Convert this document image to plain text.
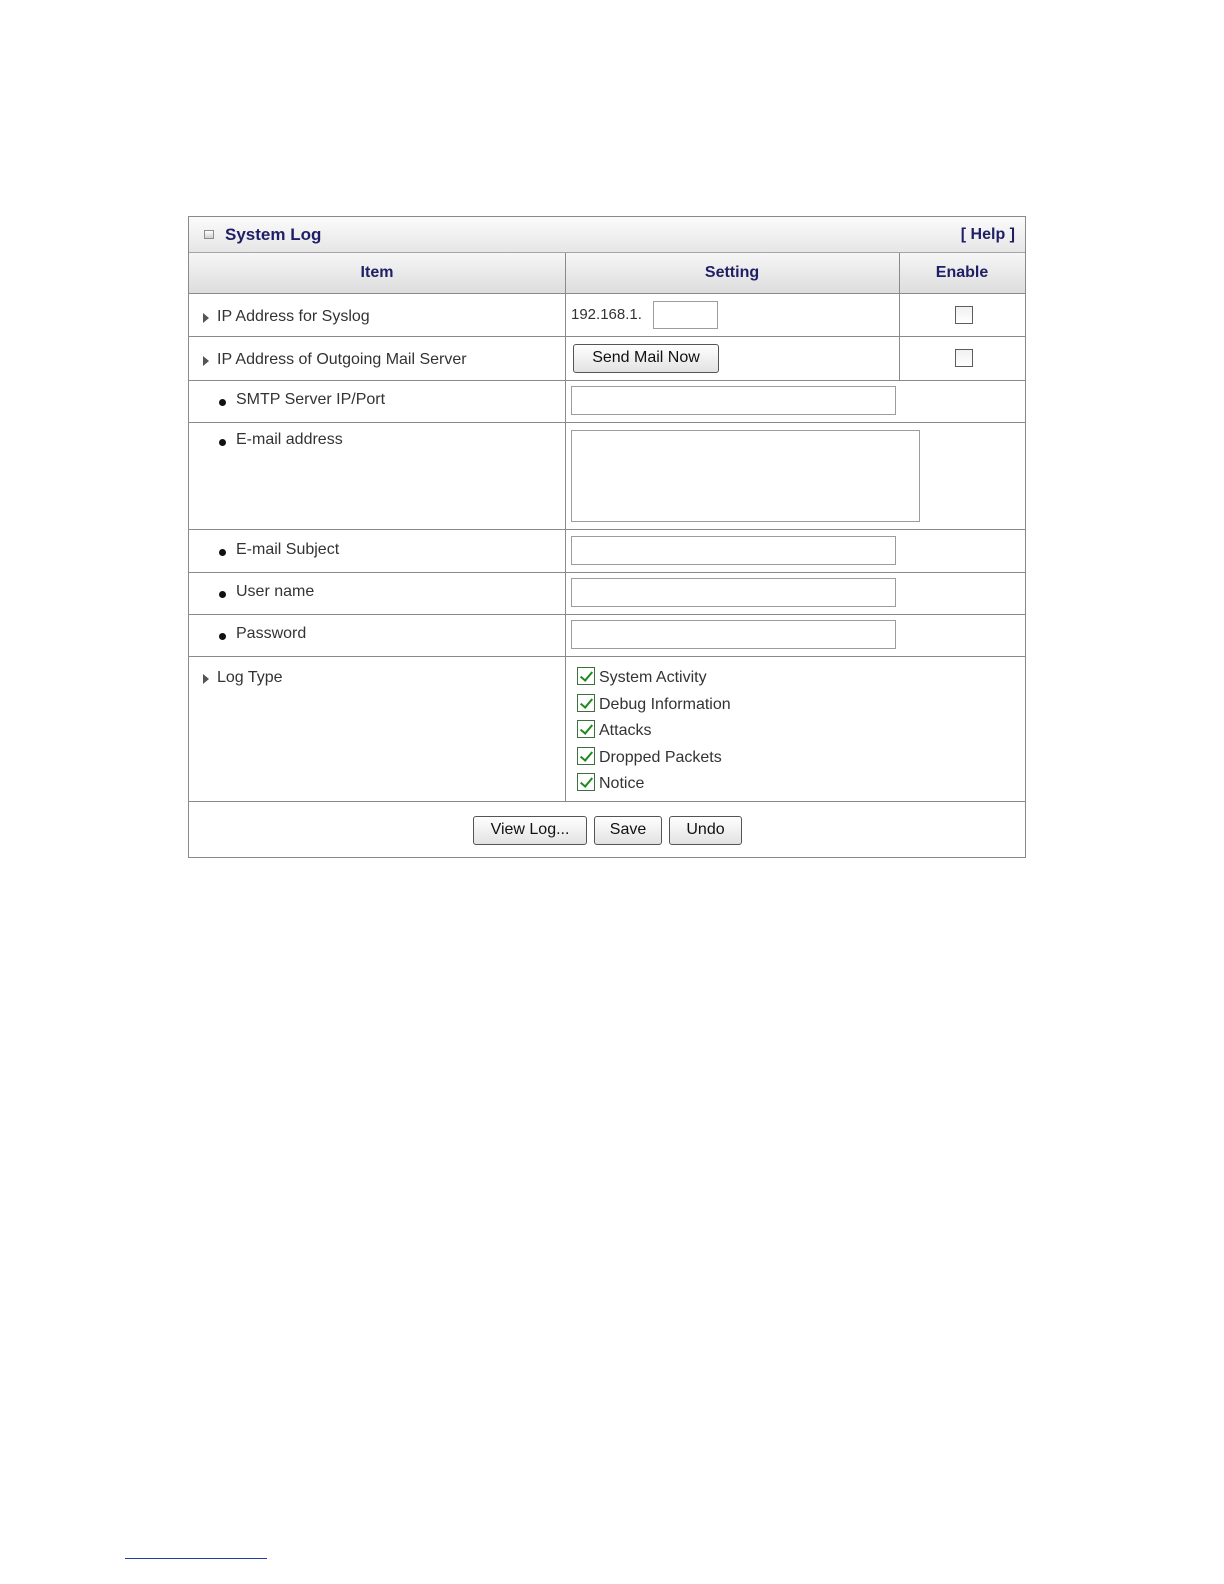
System Log	[ Help ]
Item	Setting	Enable
IP Address for Syslog	192.168.1.
IP Address of Outgoing Mail Server	Send Mail Now
SMTP Server IP/Port
E-mail address
E-mail Subject
User name
Password
Log Type	System Activity
Debug Information
Attacks
Dropped Packets
Notice
View Log...	Save	Undo
